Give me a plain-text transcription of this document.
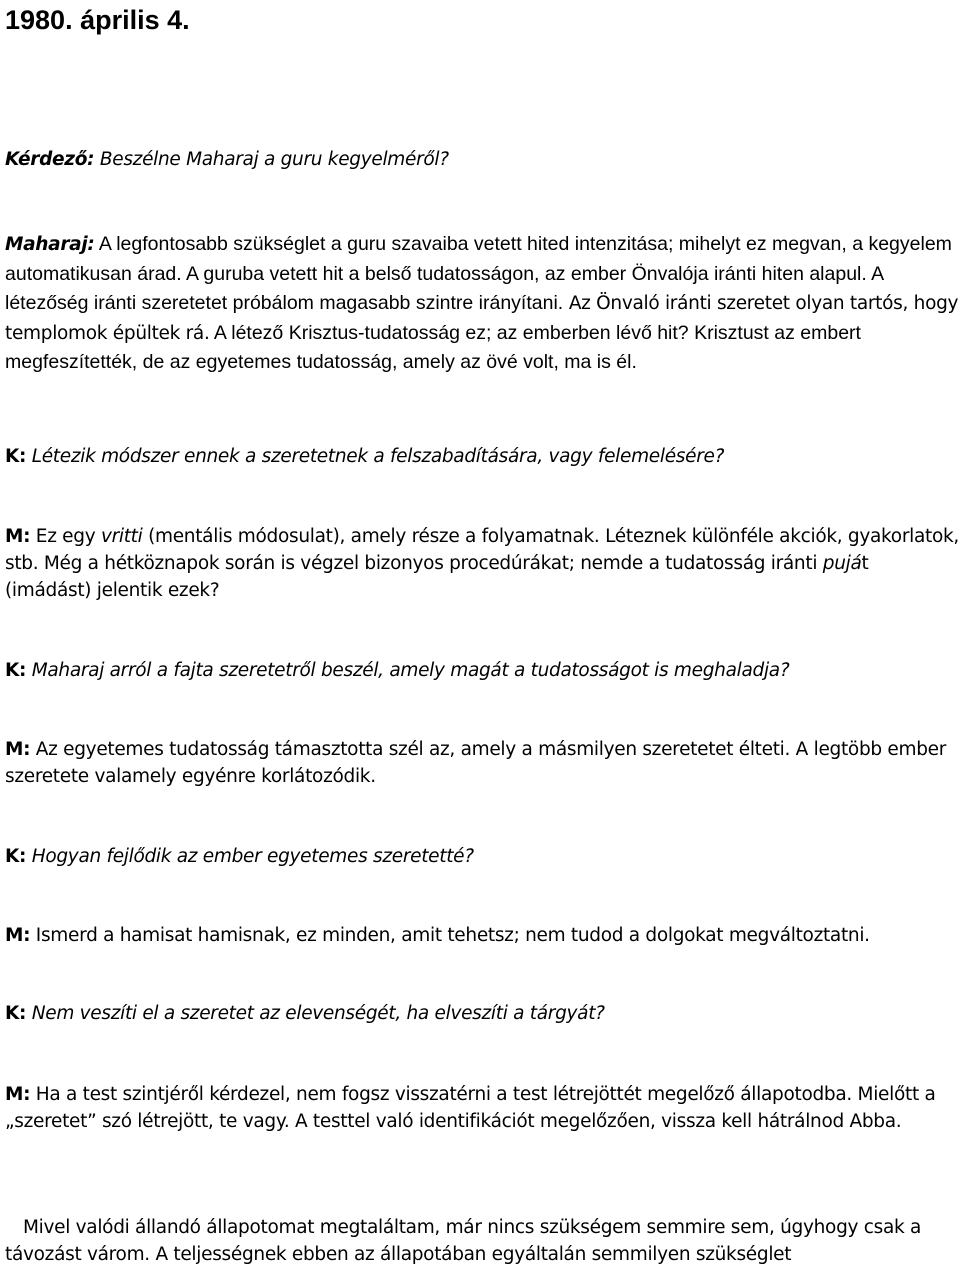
1980. április 4.

Kérdező: Beszélne Maharaj a guru kegyelméről?

Maharaj: A legfontosabb szükséglet a guru szavaiba vetett hited intenzitása; mihelyt ez megvan, a kegyelem automatikusan árad. A guruba vetett hit a belső tudatosságon, az ember Önvalója iránti hiten alapul. A létezőség iránti szeretetet próbálom magasabb szintre irányítani. Az Önvaló iránti szeretet olyan tartós, hogy templomok épültek rá. A létező Krisztus-tudatosság ez; az emberben lévő hit? Krisztust az embert megfeszítették, de az egyetemes tudatosság, amely az övé volt, ma is él.

K: Létezik módszer ennek a szeretetnek a felszabadítására, vagy felemelésére?

M: Ez egy vritti (mentális módosulat), amely része a folyamatnak. Léteznek különféle akciók, gyakorlatok, stb. Még a hétköznapok során is végzel bizonyos procedúrákat; nemde a tudatosság iránti puját (imádást) jelentik ezek?

K: Maharaj arról a fajta szeretetről beszél, amely magát a tudatosságot is meghaladja?

M: Az egyetemes tudatosság támasztotta szél az, amely a másmilyen szeretetet élteti. A legtöbb ember szeretete valamely egyénre korlátozódik.

K: Hogyan fejlődik az ember egyetemes szeretetté?

M: Ismerd a hamisat hamisnak, ez minden, amit tehetsz; nem tudod a dolgokat megváltoztatni.

K: Nem veszíti el a szeretet az elevenségét, ha elveszíti a tárgyát?

M: Ha a test szintjéről kérdezel, nem fogsz visszatérni a test létrejöttét megelőző állapotodba. Mielőtt a „szeretet” szó létrejött, te vagy. A testtel való identifikációt megelőzően, vissza kell hátrálnod Abba.

Mivel valódi állandó állapotomat megtaláltam, már nincs szükségem semmire sem, úgyhogy csak a távozást várom. A teljességnek ebben az állapotában egyáltalán semmilyen szükséglet
